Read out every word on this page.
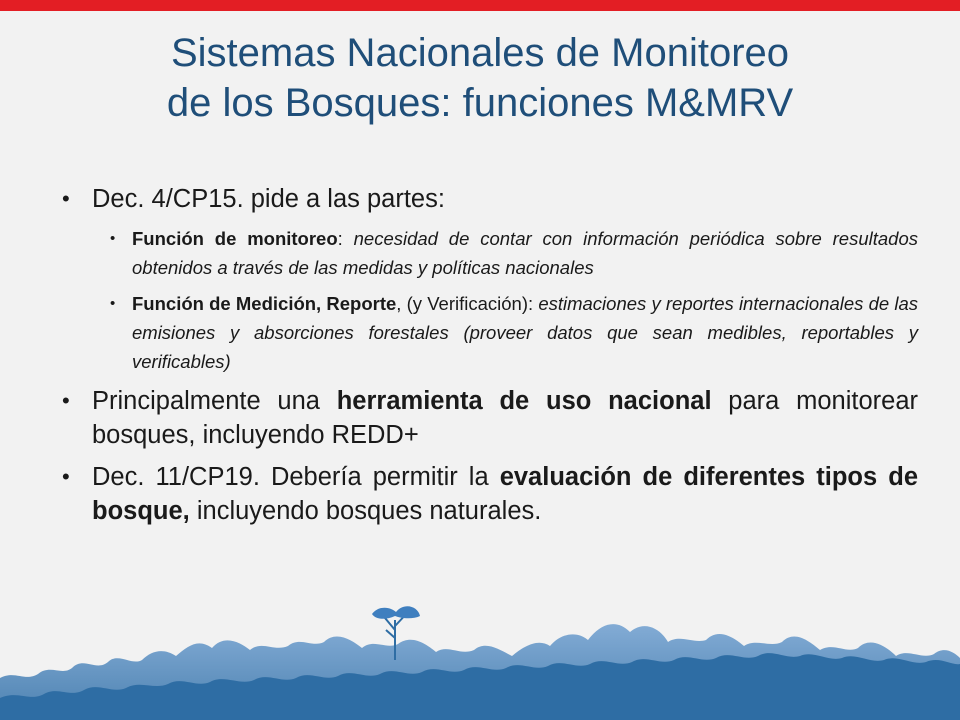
Sistemas Nacionales de Monitoreo
de los Bosques: funciones M&MRV
• Dec. 4/CP15. pide a las partes:
• Función de monitoreo: necesidad de contar con información periódica sobre resultados obtenidos a través de las medidas y políticas nacionales
• Función de Medición, Reporte, (y Verificación): estimaciones y reportes internacionales de las emisiones y absorciones forestales (proveer datos que sean medibles, reportables y verificables)
• Principalmente una herramienta de uso nacional para monitorear bosques, incluyendo REDD+
• Dec. 11/CP19. Debería permitir la evaluación de diferentes tipos de bosque, incluyendo bosques naturales.
